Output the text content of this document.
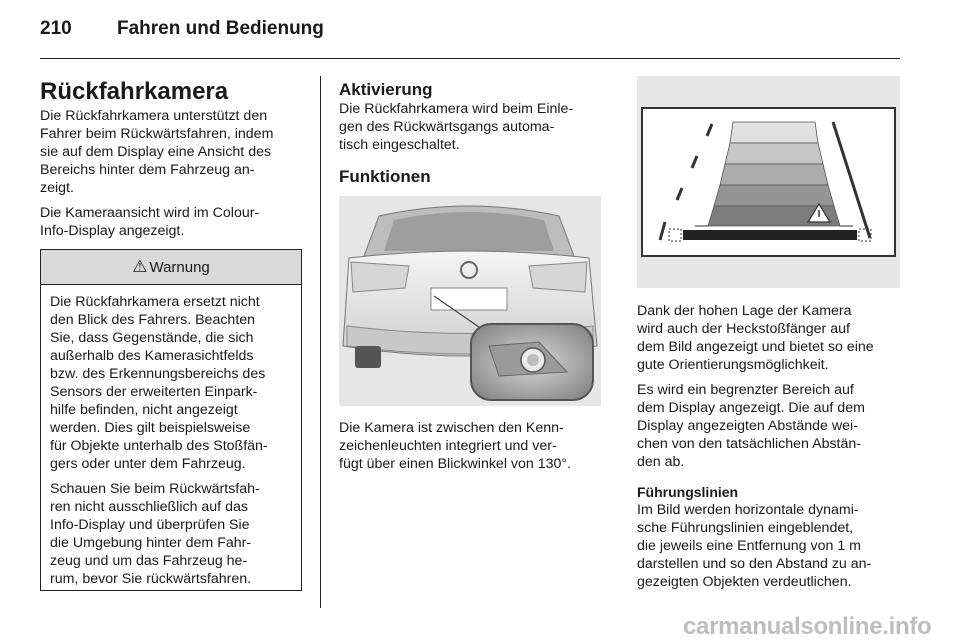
210 Fahren und Bedienung
Rückfahrkamera

Die Rückfahrkamera unterstützt den
Fahrer beim Rückwärtsfahren, indem
sie auf dem Display eine Ansicht des
Bereichs hinter dem Fahrzeug an-
zeigt.

Die Kameraansicht wird im Colour-
Info-Display angezeigt.

⚠ Warnung

Die Rückfahrkamera ersetzt nicht
den Blick des Fahrers. Beachten
Sie, dass Gegenstände, die sich
außerhalb des Kamerasichtfelds
bzw. des Erkennungsbereichs des
Sensors der erweiterten Einpark-
hilfe befinden, nicht angezeigt
werden. Dies gilt beispielsweise
für Objekte unterhalb des Stoßfän-
gers oder unter dem Fahrzeug.

Schauen Sie beim Rückwärtsfah-
ren nicht ausschließlich auf das
Info-Display und überprüfen Sie
die Umgebung hinter dem Fahr-
zeug und um das Fahrzeug he-
rum, bevor Sie rückwärtsfahren.

Aktivierung

Die Rückfahrkamera wird beim Einle-
gen des Rückwärtsgangs automa-
tisch eingeschaltet.

Funktionen

Die Kamera ist zwischen den Kenn-
zeichenleuchten integriert und ver-
fügt über einen Blickwinkel von 130°.

Dank der hohen Lage der Kamera
wird auch der Heckstoßfänger auf
dem Bild angezeigt und bietet so eine
gute Orientierungsmöglichkeit.

Es wird ein begrenzter Bereich auf
dem Display angezeigt. Die auf dem
Display angezeigten Abstände wei-
chen von den tatsächlichen Abstän-
den ab.

Führungslinien

Im Bild werden horizontale dynami-
sche Führungslinien eingeblendet,
die jeweils eine Entfernung von 1 m
darstellen und so den Abstand zu an-
gezeigten Objekten verdeutlichen.

carmanualsonline.info
